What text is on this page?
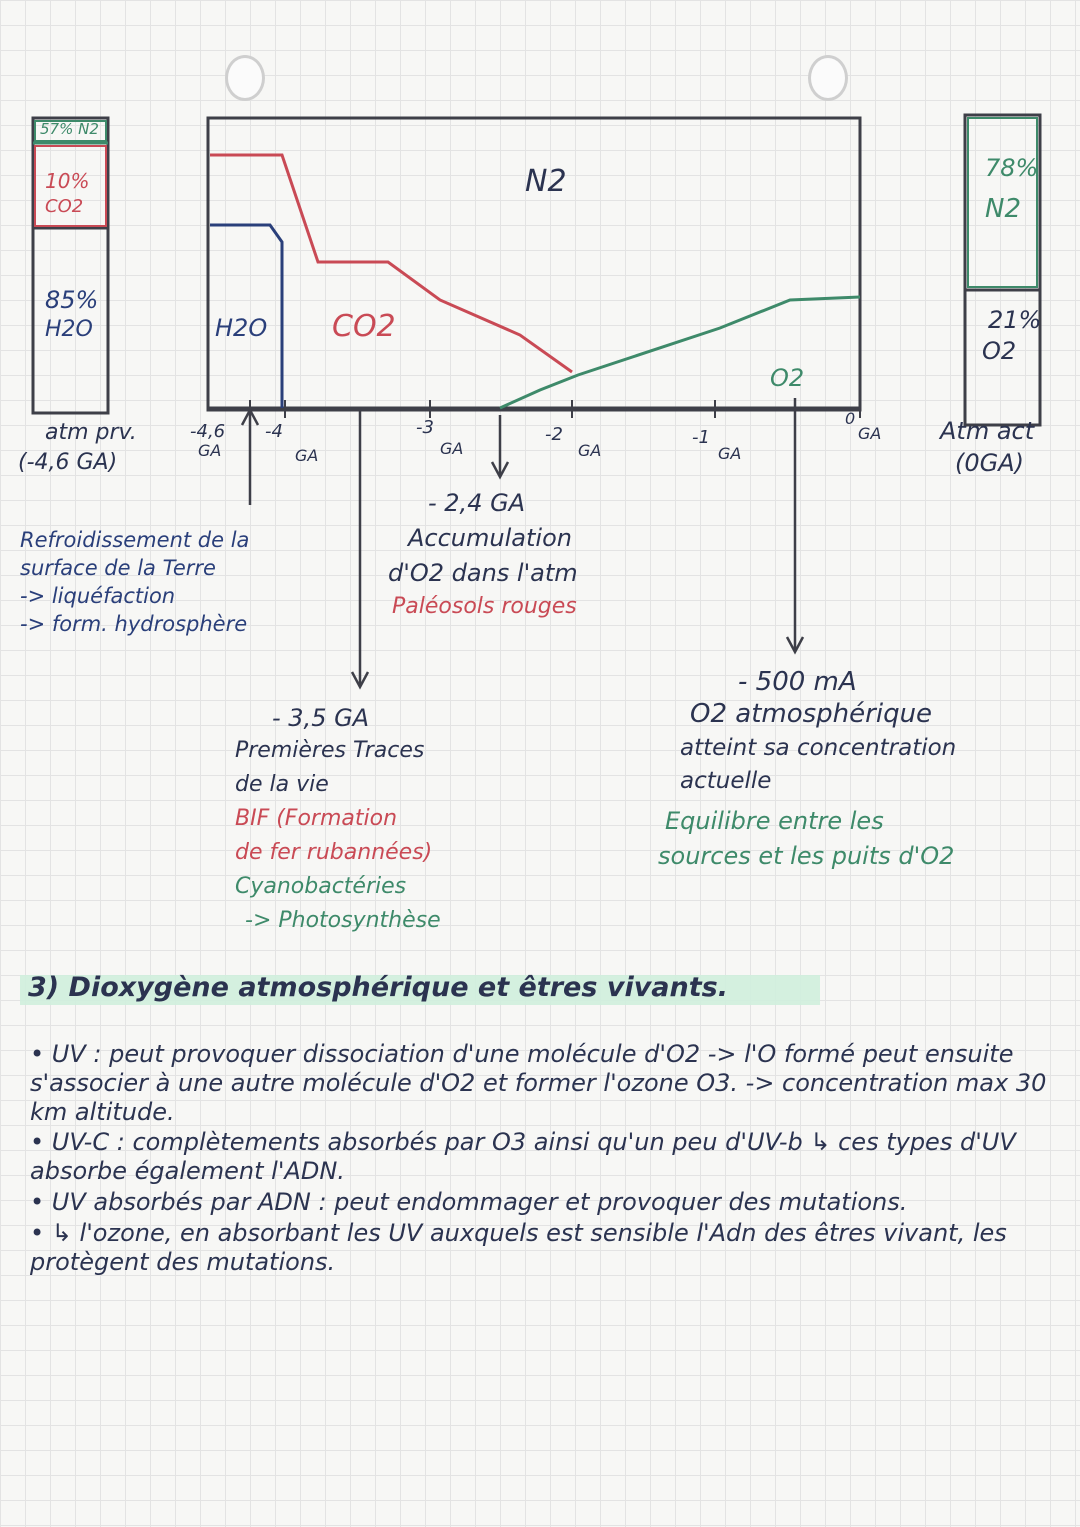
57% N2
10%
CO2
85%
H2O
atm prv.
(-4,6 GA)
78%
N2
21%
O2
Atm act
(0GA)
N2
H2O CO2
O2
-4,6
GA
-4
GA
-3
GA
-2
GA
-1
GA
0
GA
Refroidissement de la
surface de la Terre
-> liquéfaction
-> form. hydrosphère
- 2,4 GA
Accumulation
d'O2 dans l'atm
Paléosols rouges
- 3,5 GA
Premières Traces
de la vie
BIF (Formation
de fer rubannées)
Cyanobactéries
-> Photosynthèse
- 500 mA
O2 atmosphérique
atteint sa concentration
actuelle
Equilibre entre les
sources et les puits d'O2
3) Dioxygène atmosphérique et êtres vivants.
• UV : peut provoquer dissociation d'une molécule d'O2 -> l'O formé peut ensuite s'associer à une autre molécule d'O2 et former l'ozone O3. -> concentration max 30 km altitude.
• UV-C : complètements absorbés par O3 ainsi qu'un peu d'UV-b ↳ ces types d'UV absorbe également l'ADN.
• UV absorbés par ADN : peut endommager et provoquer des mutations.
• ↳ l'ozone, en absorbant les UV auxquels est sensible l'Adn des êtres vivant, les protègent des mutations.
